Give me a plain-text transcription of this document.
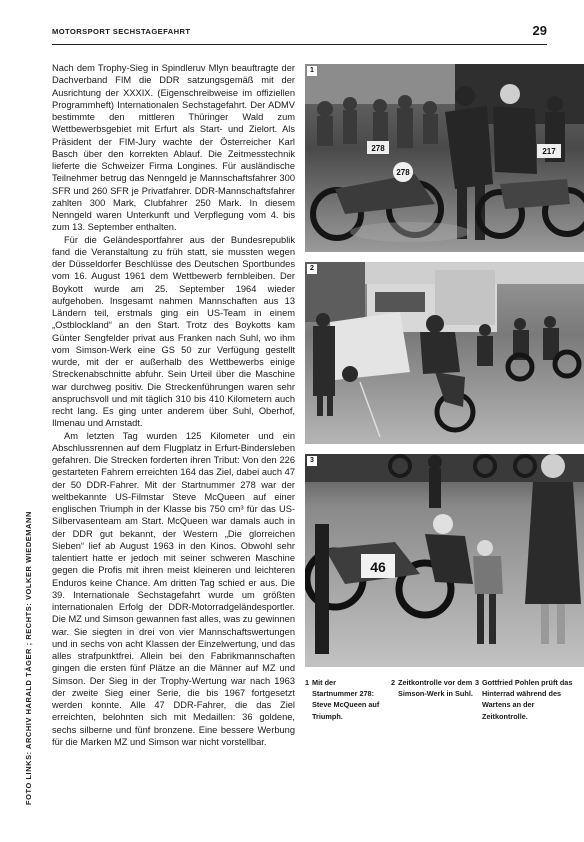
MOTORSPORT SECHSTAGEFAHRT	29

Nach dem Trophy-Sieg in Spindleruv Mlyn beauftragte der Dachverband FIM die DDR satzungsgemäß mit der Ausrichtung der XXXIX. (Eigenschreibweise im offiziellen Programmheft) Internationalen Sechstagefahrt. Der ADMV bestimmte den mittleren Thüringer Wald zum Wettbewerbsgebiet mit Erfurt als Start- und Zielort. Als Präsident der FIM-Jury wachte der Österreicher Karl Basch über den korrekten Ablauf. Die Zeitmesstechnik lieferte die Schweizer Firma Longines. Für ausländische Teilnehmer betrug das Nenngeld je Mannschaftsfahrer 300 SFR und 260 SFR je Privatfahrer. DDR-Mannschaftsfahrer zahlten 300 Mark, Clubfahrer 250 Mark. In diesem Nenngeld waren Unterkunft und Verpflegung vom 4. bis zum 13. September enthalten.

Für die Geländesportfahrer aus der Bundesrepublik fand die Veranstaltung zu früh statt, sie mussten wegen der Düsseldorfer Beschlüsse des Deutschen Sportbundes vom 16. August 1961 dem Wettbewerb fernbleiben. Der Boykott wurde am 25. September 1964 wieder aufgehoben. Insgesamt nahmen Mannschaften aus 13 Ländern teil, erstmals ging ein US-Team in einem „Ostblockland“ an den Start. Trotz des Boykotts kam Günter Sengfelder privat aus Franken nach Suhl, wo ihm vom Simson-Werk eine GS 50 zur Verfügung gestellt wurde, mit der er außerhalb des Wettbewerbs einige Streckenabschnitte abfuhr. Sein Urteil über die Maschine war durchweg positiv. Die Streckenführungen waren sehr anspruchsvoll und mit täglich 310 bis 410 Kilometern auch recht lang. Es ging unter anderem über Suhl, Oberhof, Ilmenau und Arnstadt.

Am letzten Tag wurden 125 Kilometer und ein Abschlussrennen auf dem Flugplatz in Erfurt-Bindersleben gefahren. Die Strecken forderten ihren Tribut: Von den 226 gestarteten Fahrern erreichten 164 das Ziel, dabei auch 47 der 50 DDR-Fahrer. Mit der Startnummer 278 war der weltbekannte US-Filmstar Steve McQueen auf einer englischen Triumph in der Klasse bis 750 cm³ für das US-Silbervasenteam am Start. McQueen war damals auch in der DDR gut bekannt, der Western „Die glorreichen Sieben“ lief ab August 1963 in den Kinos. Obwohl sehr talentiert hatte er jedoch mit seiner schweren Maschine gegen die Profis mit ihren meist kleineren und leichteren Enduros keine Chance. Am dritten Tag schied er aus. Die 39. Internationale Sechstagefahrt wurde um größten internationalen Erfolg der DDR-Motorradgeländesportler. Die MZ und Simson gewannen fast alles, was zu gewinnen war. Sie siegten in drei von vier Mannschaftswertungen und in sechs von acht Klassen der Einzelwertung, und das alles strafpunktfrei. Allein bei den Fabrikmannschaften gingen die ersten fünf Plätze an die Männer auf MZ und Simson. Der Sieg in der Trophy-Wertung war nach 1963 der zweite Sieg einer Serie, die bis 1967 fortgesetzt werden konnte. Alle 47 DDR-Fahrer, die das Ziel erreichten, belohnten sich mit Medaillen: 36 goldene, sechs silberne und fünf bronzene. Eine bessere Werbung für die Marken MZ und Simson war nicht vorstellbar.

FOTO LINKS: ARCHIV HARALD TÄGER ; RECHTS: VOLKER WIEDEMANN
278
278	217
1
2
46
3
1 Mit der Startnummer 278: Steve McQueen auf Triumph.
2 Zeitkontrolle vor dem Simson-Werk in Suhl.
3 Gottfried Pohlen prüft das Hinterrad während des Wartens an der Zeitkontrolle.
